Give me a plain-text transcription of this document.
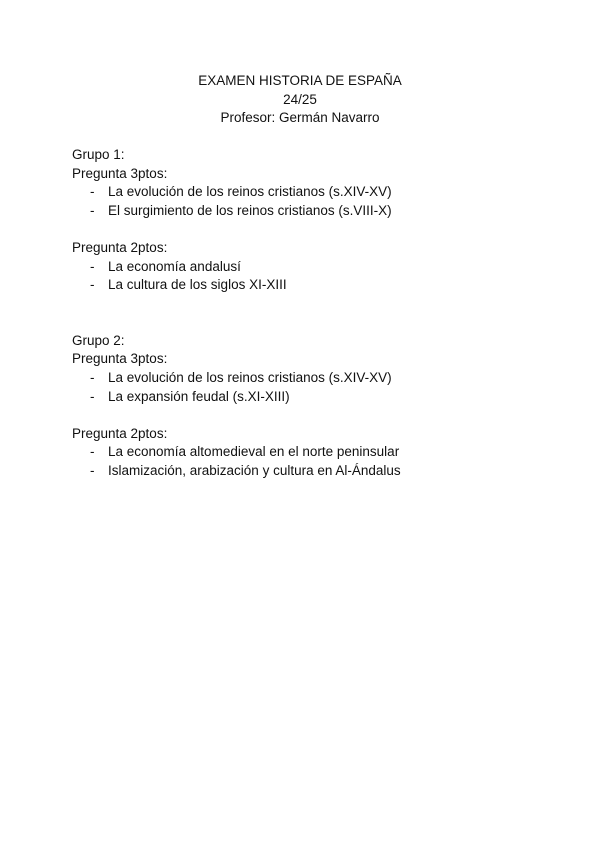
EXAMEN HISTORIA DE ESPAÑA
24/25
Profesor: Germán Navarro
Grupo 1:
Pregunta 3ptos:
- La evolución de los reinos cristianos (s.XIV-XV)
- El surgimiento de los reinos cristianos (s.VIII-X)
Pregunta 2ptos:
- La economía andalusí
- La cultura de los siglos XI-XIII
Grupo 2:
Pregunta 3ptos:
- La evolución de los reinos cristianos (s.XIV-XV)
- La expansión feudal (s.XI-XIII)
Pregunta 2ptos:
- La economía altomedieval en el norte peninsular
- Islamización, arabización y cultura en Al-Ándalus
